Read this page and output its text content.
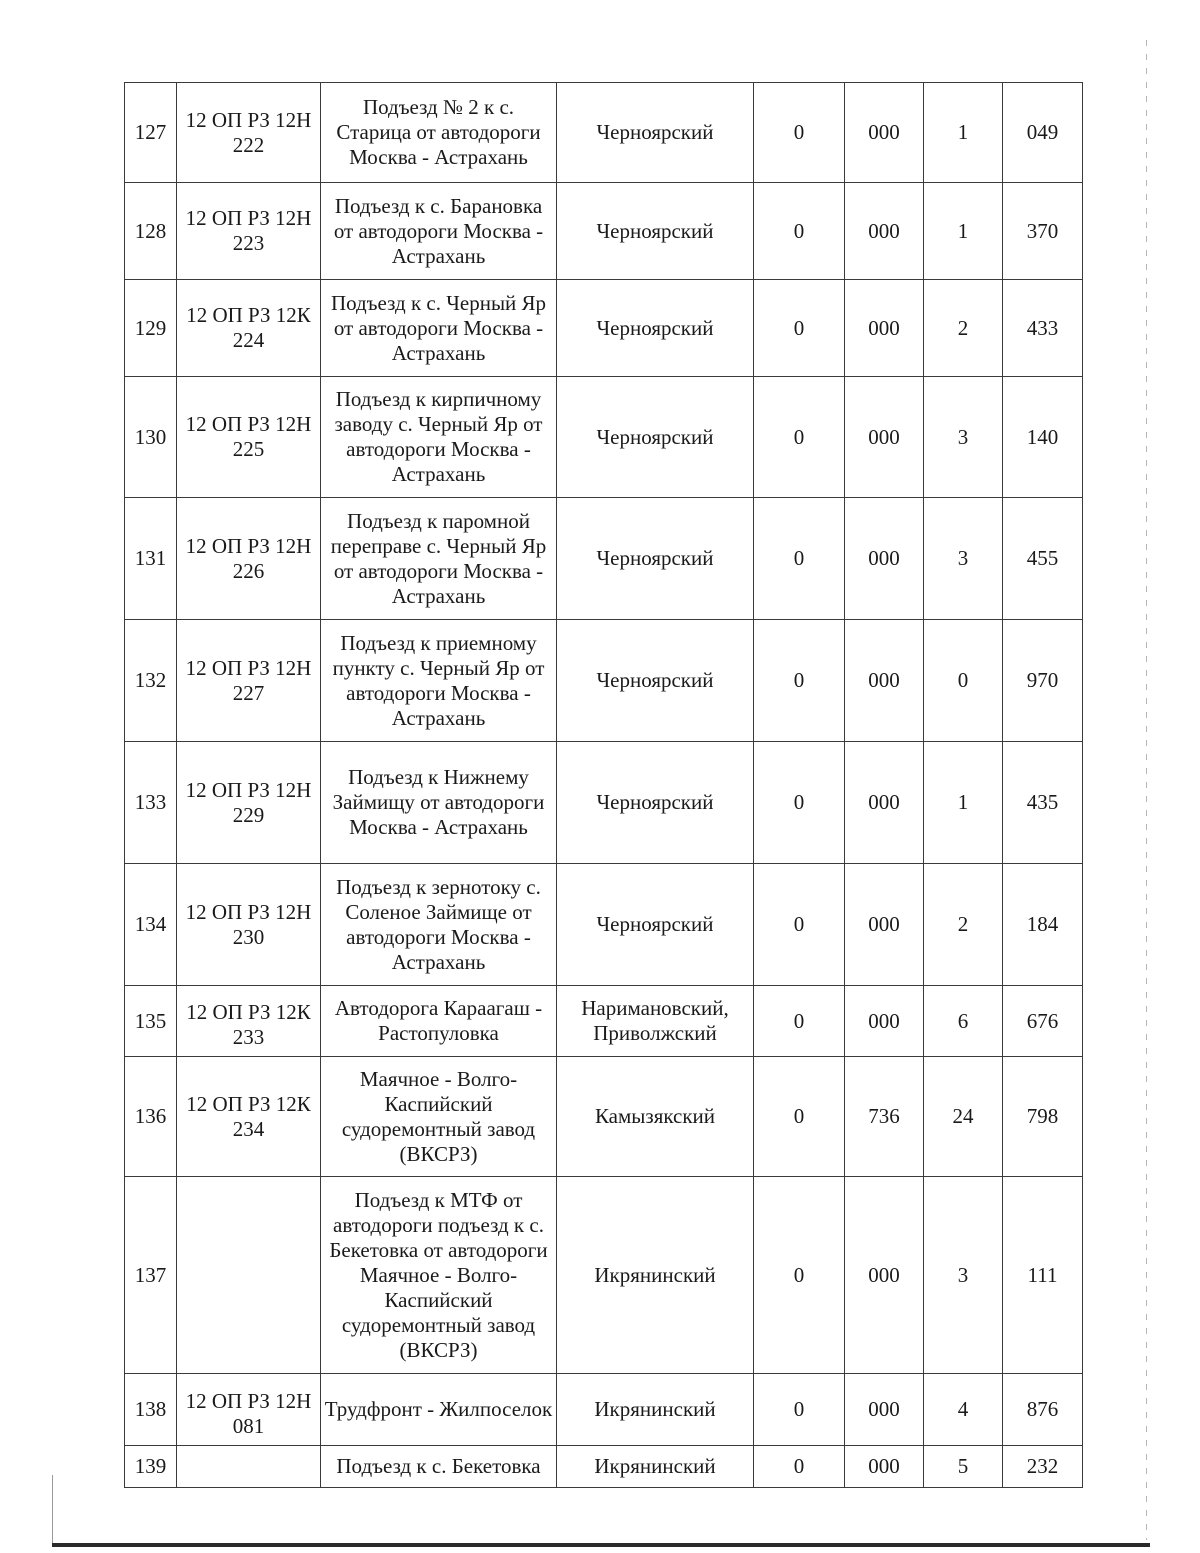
127	12 ОП РЗ 12Н 222	Подъезд № 2 к с. Старица от автодороги Москва - Астрахань	Черноярский	0	000	1	049
128	12 ОП РЗ 12Н 223	Подъезд к с. Барановка от автодороги Москва - Астрахань	Черноярский	0	000	1	370
129	12 ОП РЗ 12К 224	Подъезд к с. Черный Яр от автодороги Москва - Астрахань	Черноярский	0	000	2	433
130	12 ОП РЗ 12Н 225	Подъезд к кирпичному заводу с. Черный Яр от автодороги Москва - Астрахань	Черноярский	0	000	3	140
131	12 ОП РЗ 12Н 226	Подъезд к паромной переправе с. Черный Яр от автодороги Москва - Астрахань	Черноярский	0	000	3	455
132	12 ОП РЗ 12Н 227	Подъезд к приемному пункту с. Черный Яр от автодороги Москва - Астрахань	Черноярский	0	000	0	970
133	12 ОП РЗ 12Н 229	Подъезд к Нижнему Займищу от автодороги Москва - Астрахань	Черноярский	0	000	1	435
134	12 ОП РЗ 12Н 230	Подъезд к зернотоку с. Соленое Займище от автодороги Москва - Астрахань	Черноярский	0	000	2	184
135	12 ОП РЗ 12К 233	Автодорога Караагаш - Растопуловка	Наримановский, Приволжский	0	000	6	676
136	12 ОП РЗ 12К 234	Маячное - Волго-Каспийский судоремонтный завод (ВКСРЗ)	Камызякский	0	736	24	798
137		Подъезд к МТФ от автодороги подъезд к с. Бекетовка от автодороги Маячное - Волго-Каспийский судоремонтный завод (ВКСРЗ)	Икрянинский	0	000	3	111
138	12 ОП РЗ 12Н 081	Трудфронт - Жилпоселок	Икрянинский	0	000	4	876
139		Подъезд к с. Бекетовка	Икрянинский	0	000	5	232
